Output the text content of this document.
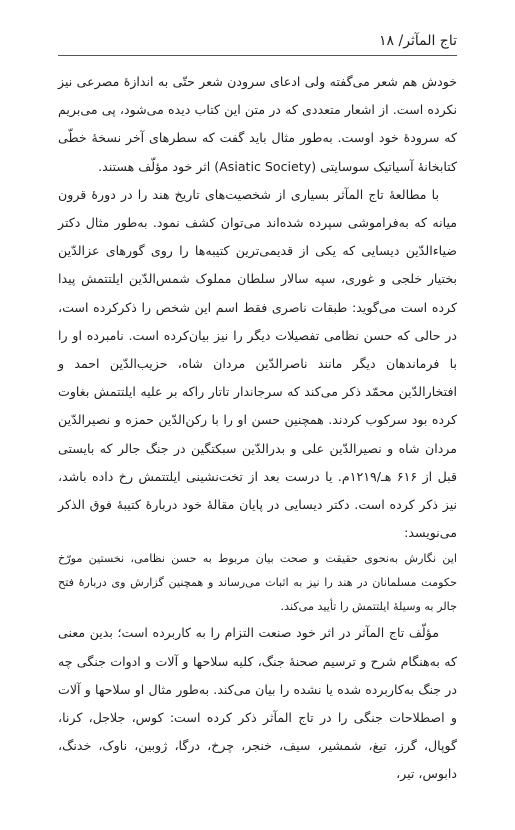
تاج المآثر/ ۱۸

خودش هم شعر می‌گفته ولی ادعای سرودن شعر حتّی به اندازهٔ مصرعی نیز نکرده است. از اشعار متعددی که در متن این کتاب دیده می‌شود، پی می‌بریم که سرودهٔ خود اوست. به‌طور مثال باید گفت که سطرهای آخر نسخهٔ خطّی کتابخانهٔ آسیاتیک سوسایتی (Asiatic Society) اثر خود مؤلّف هستند.

با مطالعهٔ تاج المآثر بسیاری از شخصیت‌های تاریخ هند را در دورهٔ قرون میانه که به‌فراموشی سپرده شده‌اند می‌توان کشف نمود. به‌طور مثال دکتر ضیاءالدّین دیسایی که یکی از قدیمی‌ترین کتیبه‌ها را روی گورهای عزالدّین بختیار خلجی و غوری، سپه سالار سلطان مملوک شمس‌الدّین ایلتتمش پیدا کرده است می‌گوید: طبقات ناصری فقط اسم این شخص را ذکرکرده است، در حالی که حسن نظامی تفصیلات دیگر را نیز بیان‌کرده است. نامبرده او را با فرماندهان دیگر مانند ناصرالدّین مردان شاه، حزیب‌الدّین احمد و افتخارالدّین محمّد ذکر می‌کند که سرجاندار تاتار راکه بر علیه ایلتتمش بغاوت کرده بود سرکوب کردند. همچنین حسن او را با رکن‌الدّین حمزه و نصیرالدّین مردان شاه و نصیرالدّین علی و بدرالدّین سبکتگین در جنگ جالر که بایستی قبل از ۶۱۶ هـ/۱۲۱۹م. یا درست بعد از تخت‌نشینی ایلتتمش رخ داده باشد، نیز ذکر کرده است. دکتر دیسایی در پایان مقالهٔ خود دربارهٔ کتیبهٔ فوق الذکر می‌نویسد:

این نگارش به‌نحوی حقیقت و صحت بیان مربوط به حسن نظامی، نخستین مورّخ حکومت مسلمانان در هند را نیز به اثبات می‌رساند و همچنین گزارش وی دربارهٔ فتح جالر به وسیلهٔ ایلتتمش را تأیید می‌کند.

مؤلّف تاج المآثر در اثر خود صنعت التزام را به کاربرده است؛ بدین معنی که به‌هنگام شرح و ترسیم صحنهٔ جنگ، کلیه سلاحها و آلات و ادوات جنگی چه در جنگ به‌کاربرده شده یا نشده را بیان می‌کند. به‌طور مثال او سلاحها و آلات و اصطلاحات جنگی را در تاج المآثر ذکر کرده است: کوس، جلاجل، کرنا، گوپال، گرز، تیغ، شمشیر، سیف، خنجر، چرخ، درگا، ژوبین، ناوک، خدنگ، دابوس، تیر،
